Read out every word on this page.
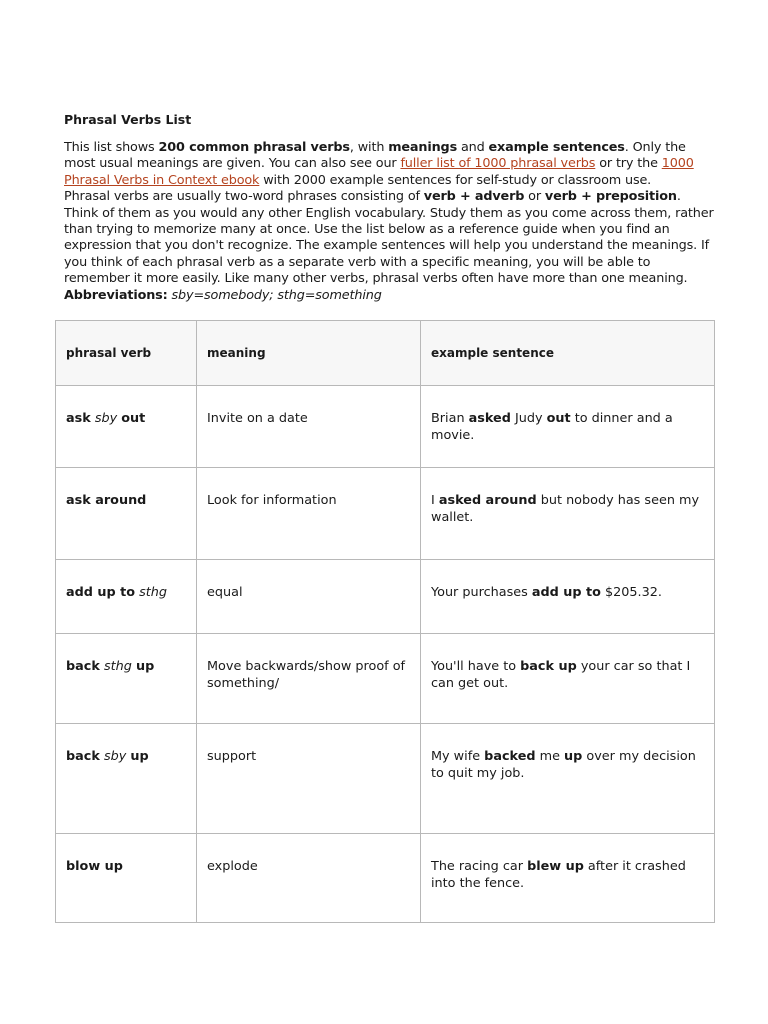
Phrasal Verbs List

This list shows 200 common phrasal verbs, with meanings and example sentences. Only the most usual meanings are given. You can also see our fuller list of 1000 phrasal verbs or try the 1000 Phrasal Verbs in Context ebook with 2000 example sentences for self-study or classroom use.
Phrasal verbs are usually two-word phrases consisting of verb + adverb or verb + preposition. Think of them as you would any other English vocabulary. Study them as you come across them, rather than trying to memorize many at once. Use the list below as a reference guide when you find an expression that you don't recognize. The example sentences will help you understand the meanings. If you think of each phrasal verb as a separate verb with a specific meaning, you will be able to remember it more easily. Like many other verbs, phrasal verbs often have more than one meaning.
Abbreviations: sby=somebody; sthg=something

phrasal verb	meaning	example sentence
ask sby out	Invite on a date	Brian asked Judy out to dinner and a movie.
ask around	Look for information	I asked around but nobody has seen my wallet.
add up to sthg	equal	Your purchases add up to $205.32.
back sthg up	Move backwards/show proof of something/	You'll have to back up your car so that I can get out.
back sby up	support	My wife backed me up over my decision to quit my job.
blow up	explode	The racing car blew up after it crashed into the fence.
